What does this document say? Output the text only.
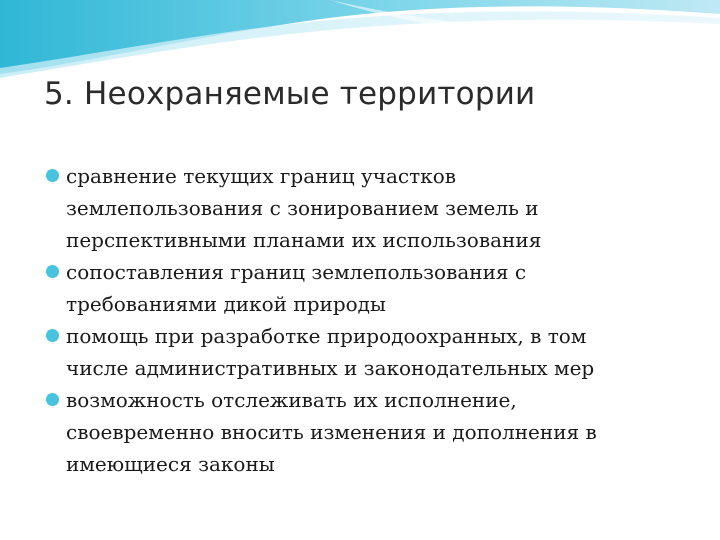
5. Неохраняемые территории
сравнение текущих границ участков
землепользования с зонированием земель и
перспективными планами их использования
сопоставления границ землепользования с
требованиями дикой природы
помощь при разработке природоохранных, в том
числе административных и законодательных мер
возможность отслеживать их исполнение,
своевременно вносить изменения и дополнения в
имеющиеся законы
